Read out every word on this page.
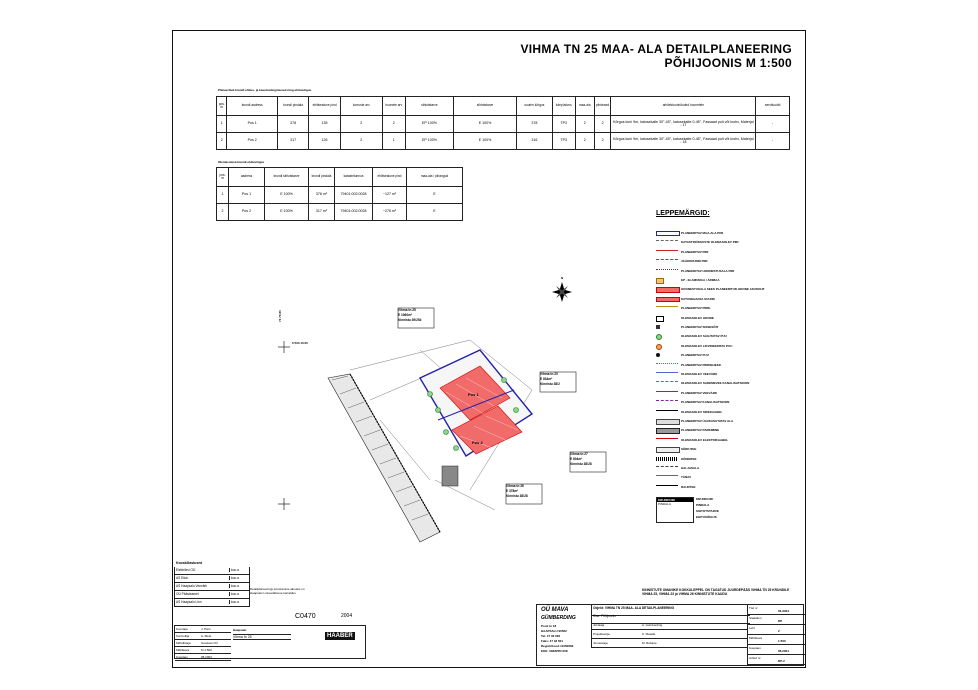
VIHMA TN 25 MAA- ALA DETAILPLANEERING
PÕHIJOONIS M 1:500
Planeeritud krundi ehitus- ja kasutustingimused ning ehitusõigus
pos. nr	krundi aadress	krundi pindala	ehitisealune pind	korruste arv	hoonete arv	sihtotstarve	sihtotstarve	suurim kõrgus	tulepüsivus	maa-ala	piirdeaed	arhitektuurinõuded hoonetele	servituudid
1	Pos 1	378	135	2	2	EP 100%	E 100%	378	TP3	2	2	Kõrgus kuni 9m, katusekalle 30°-45°, katusekatte 0-45°, Fassaad puit või krohv, Materjal - 17	-
2	Pos 2	317	126	2	1	EP 100%	E 100%	316	TP3	2	2	Kõrgus kuni 9m, katusekalle 30°-45°, katusekatte 0-45°, Fassaad puit või krohv, Materjal - 18	-
Olemasoleva krundi ehitusõigus
pos. nr	aadress	krundi sihtotstarve	krundi pindala	katastritunnus	ehitisealune pind	maa-ala / piirangud
1	Pos 1	E 100%	378 m²	79401:002:0028	~127 m²	E
2	Pos 2	E 100%	317 m²	79401:002:0028	~276 m²	E	LEPPEMÄRGID:
PLANEERITAV MAA-ALA PIIR
KATASTRIÜKSUSTE OLEMASOLEV PIIR
PLANEERITAV PIIR
JÄÄKKRUNDI PIIR
PLANEERITAV HOONESTUSALA PIIR
EP - ELAMUMAA / ÄRIMAA
HOONESTUSALA SEES PLANEERITUD HOONE ASUKOHT
KATUSEHARJA SUUND
PLANEERITAV PIIRE
OLEMASOLEV HOONE
PLANEERITAV SISSESÕIT
OLEMASOLEV SÄILITATAV PUU
OLEMASOLEV LIKVIDEERITAV PUU
PLANEERITAV PUU
PLANEERITAV PIIRDEHEKK
OLEMASOLEV VEEVÄRK
OLEMASOLEV SADEMEVEE KANALISATSIOON
PLANEERITAV VEEVÄRK
PLANEERITAV KANALISATSIOON
OLEMASOLEV SIDEKAABEL
PLANEERITAV ÜLDKASUTATAV ALA
PLANEERITAV PARKIMINE
OLEMASOLEV ELEKTRIKAABEL
SÕIDUTEE
KÕNNITEE
HALJASALA
TÄNAV
RAUDTEE
KRUNDI NR
PINDALA
KRUNDI NR
PINDALA
SIHTOTSTARVE
EHITUSÕIGUS
6 533 10.00
73 79 80
N
Vihma tn 25
E 1060m²
Kinnistu 39/254
Vihma tn 23
E 834m²
Kinnistu 38/2
Vihma tn 27
E 804m²
Kinnistu 38/28
Vihma tn 26
E 378m²
Kinnistu 38/28
Pos 1
Pos 2
KINNISTUTE OMANIKE KOKKULEPPEL ON TAGATUD JUURDEPÄÄS VIHMA TN 25 KRUNDILE
VIHMA 25, VIHMA 23 ja VIHMA 26 KINNISTUTE KAUDU
Kooskõlastused
Elektrilevi OÜ	kuu.a
AS Elion	kuu.a
AS Haapsalu Veevärk	kuu.a
OÜ Päästeamet	kuu.a
AS Haapsalu Linn	kuu.a
Detailplaneeringu koostamise aluseks on Haapsalu Linnavalitsuse korraldus
Koostaja	J. Pärn
Kontrollija	A. Mets
Mõõdistaja	Geodeet OÜ
Mõõtkava	M 1:500
Kuupäev	08.2004
Haapsalu
Vihma tn 25
C0470	2004
HAABER
OÜ MAVA
GÜMBERDING
Posti tn 18
HAAPSALU 90502
Tel. 47 33 600
Faks: 47 33 601
Registrikood 11060669
EKK: 093/MTR-008
Objekt: VIHMA TN 25 MAA- ALA DETAILPLANEERING
Sisu: Põhijoonis
Juhataja	A. Gümberding
Projekteerija	K. Maasik
Joonestaja	M. Rebane
Töö nr
03-2004
Staadium
DP
Leht
2
Mõõtkava
1:500
Kuupäev
08.2004
Arhiivi nr
DP-2
